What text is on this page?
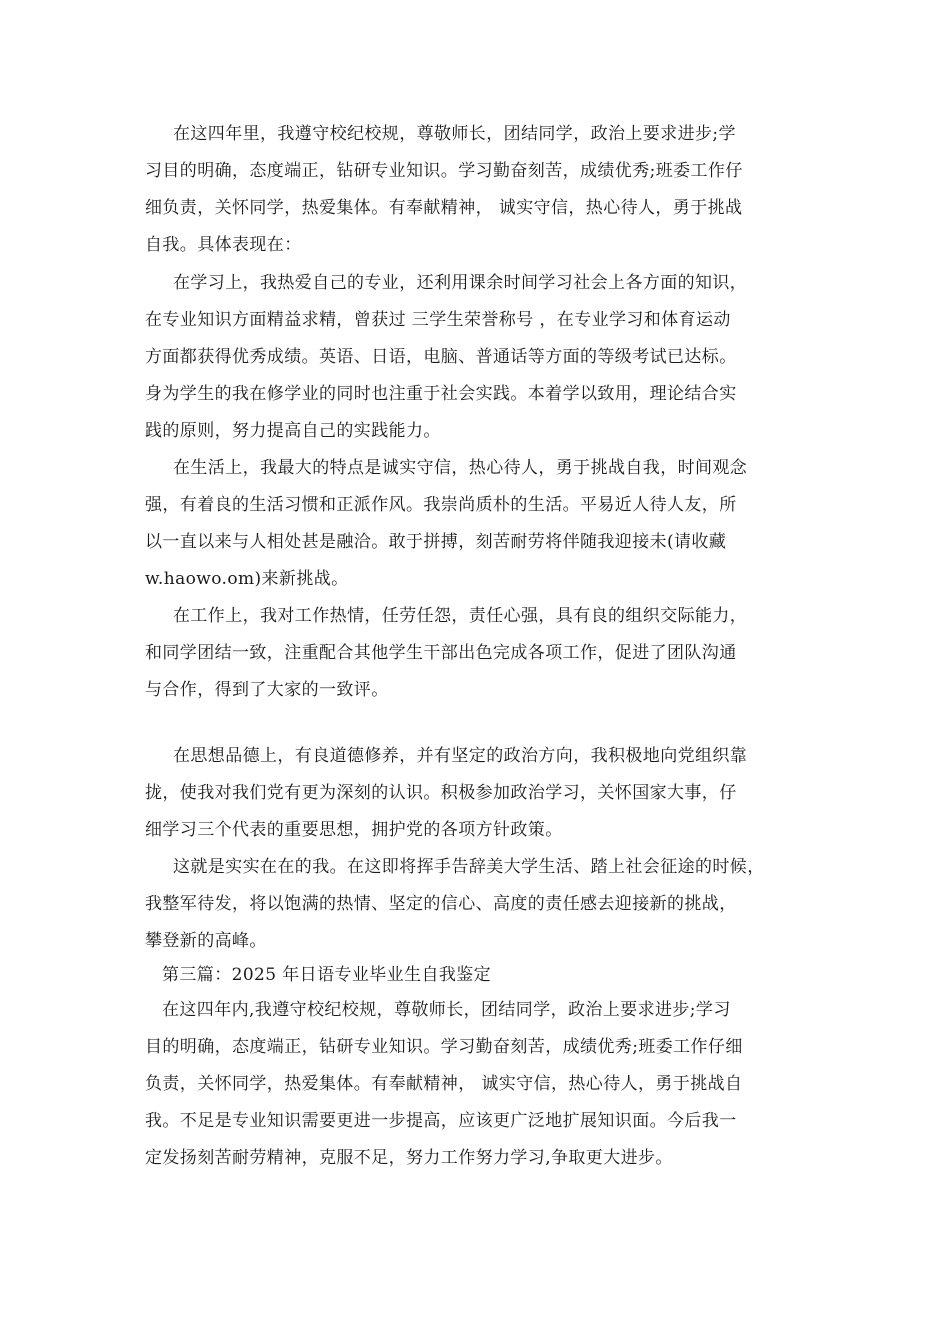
在这四年里，我遵守校纪校规，尊敬师长，团结同学，政治上要求进步;学
习目的明确，态度端正，钻研专业知识。学习勤奋刻苦，成绩优秀;班委工作仔
细负责，关怀同学，热爱集体。有奉献精神， 诚实守信，热心待人，勇于挑战
自我。具体表现在：
在学习上，我热爱自己的专业，还利用课余时间学习社会上各方面的知识，
在专业知识方面精益求精，曾获过 三学生荣誉称号 ，在专业学习和体育运动
方面都获得优秀成绩。英语、日语，电脑、普通话等方面的等级考试已达标。
身为学生的我在修学业的同时也注重于社会实践。本着学以致用，理论结合实
践的原则，努力提高自己的实践能力。
在生活上，我最大的特点是诚实守信，热心待人，勇于挑战自我，时间观念
强，有着良的生活习惯和正派作风。我崇尚质朴的生活。平易近人待人友，所
以一直以来与人相处甚是融洽。敢于拼搏，刻苦耐劳将伴随我迎接未(请收藏
w.haowo.om)来新挑战。
在工作上，我对工作热情，任劳任怨，责任心强，具有良的组织交际能力，
和同学团结一致，注重配合其他学生干部出色完成各项工作，促进了团队沟通
与合作，得到了大家的一致评。
在思想品德上，有良道德修养，并有坚定的政治方向，我积极地向党组织靠
拢，使我对我们党有更为深刻的认识。积极参加政治学习，关怀国家大事，仔
细学习三个代表的重要思想，拥护党的各项方针政策。
这就是实实在在的我。在这即将挥手告辞美大学生活、踏上社会征途的时候，
我整军待发，将以饱满的热情、坚定的信心、高度的责任感去迎接新的挑战，
攀登新的高峰。
第三篇：2025 年日语专业毕业生自我鉴定
在这四年内,我遵守校纪校规，尊敬师长，团结同学，政治上要求进步;学习
目的明确，态度端正，钻研专业知识。学习勤奋刻苦，成绩优秀;班委工作仔细
负责，关怀同学，热爱集体。有奉献精神， 诚实守信，热心待人，勇于挑战自
我。不足是专业知识需要更进一步提高，应该更广泛地扩展知识面。今后我一
定发扬刻苦耐劳精神，克服不足，努力工作努力学习,争取更大进步。
